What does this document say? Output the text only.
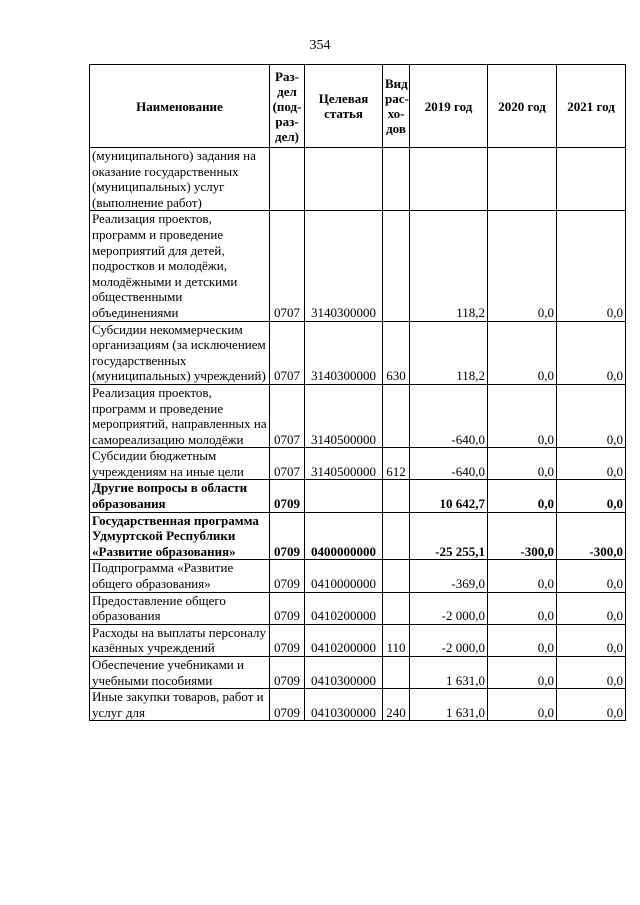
354
Наименование	Раз-
дел
(под-
раз-
дел)	Целевая
статья	Вид
рас-
хо-
дов	2019 год	2020 год	2021 год
(муниципального) задания на оказание государственных (муниципальных) услуг (выполнение работ)						
Реализация проектов, программ и проведение мероприятий для детей, подростков и молодёжи, молодёжными и детскими общественными объединениями	0707	3140300000		118,2	0,0	0,0
Субсидии некоммерческим организациям (за исключением государственных (муниципальных) учреждений)	0707	3140300000	630	118,2	0,0	0,0
Реализация проектов, программ и проведение мероприятий, направленных на самореализацию молодёжи	0707	3140500000		-640,0	0,0	0,0
Субсидии бюджетным учреждениям на иные цели	0707	3140500000	612	-640,0	0,0	0,0
Другие вопросы в области образования	0709			10 642,7	0,0	0,0
Государственная программа Удмуртской Республики «Развитие образования»	0709	0400000000		-25 255,1	-300,0	-300,0
Подпрограмма «Развитие общего образования»	0709	0410000000		-369,0	0,0	0,0
Предоставление общего образования	0709	0410200000		-2 000,0	0,0	0,0
Расходы на выплаты персоналу казённых учреждений	0709	0410200000	110	-2 000,0	0,0	0,0
Обеспечение учебниками и учебными пособиями	0709	0410300000		1 631,0	0,0	0,0
Иные закупки товаров, работ и услуг для	0709	0410300000	240	1 631,0	0,0	0,0
